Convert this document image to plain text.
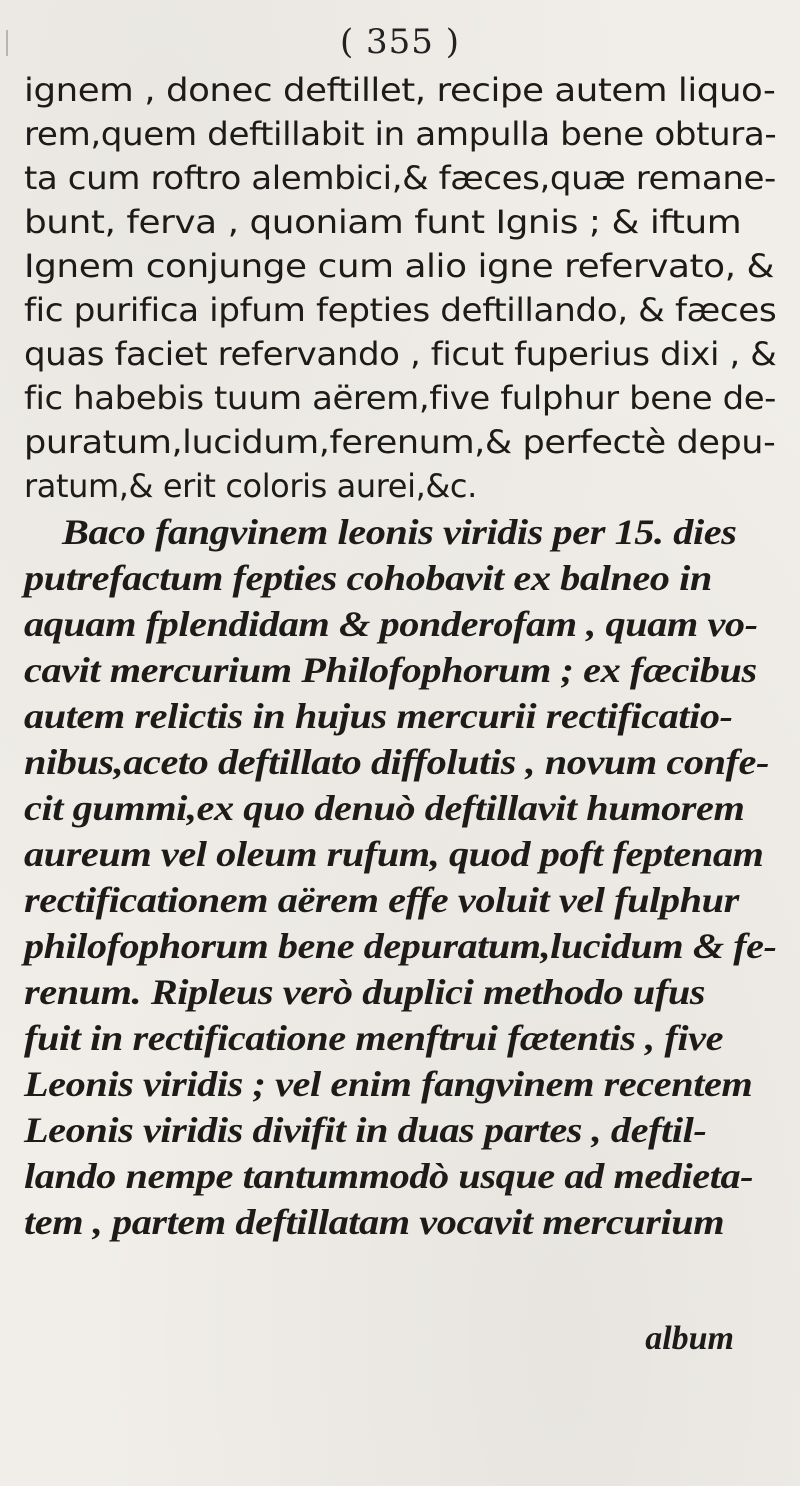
( 355 )
ignem , donec deftillet, recipe autem liquo-
rem,quem deftillabit in ampulla bene obtura-
ta cum roftro alembici,& fæces,quæ remane-
bunt, ferva , quoniam funt Ignis ; & iftum
Ignem conjunge cum alio igne refervato, &
fic purifica ipfum fepties deftillando, & fæces
quas faciet refervando , ficut fuperius dixi , &
fic habebis tuum aërem,five fulphur bene de-
puratum,lucidum,ferenum,& perfectè depu-
ratum,& erit coloris aurei,&c.
Baco fangvinem leonis viridis per 15. dies
putrefactum fepties cohobavit ex balneo in
aquam fplendidam & ponderofam , quam vo-
cavit mercurium Philofophorum ; ex fæcibus
autem relictis in hujus mercurii rectificatio-
nibus,aceto deftillato diffolutis , novum confe-
cit gummi,ex quo denuò deftillavit humorem
aureum vel oleum rufum, quod poft feptenam
rectificationem aërem effe voluit vel fulphur
philofophorum bene depuratum,lucidum & fe-
renum. Ripleus verò duplici methodo ufus
fuit in rectificatione menftrui fætentis , five
Leonis viridis ; vel enim fangvinem recentem
Leonis viridis divifit in duas partes , deftil-
lando nempe tantummodò usque ad medieta-
tem , partem deftillatam vocavit mercurium
album
